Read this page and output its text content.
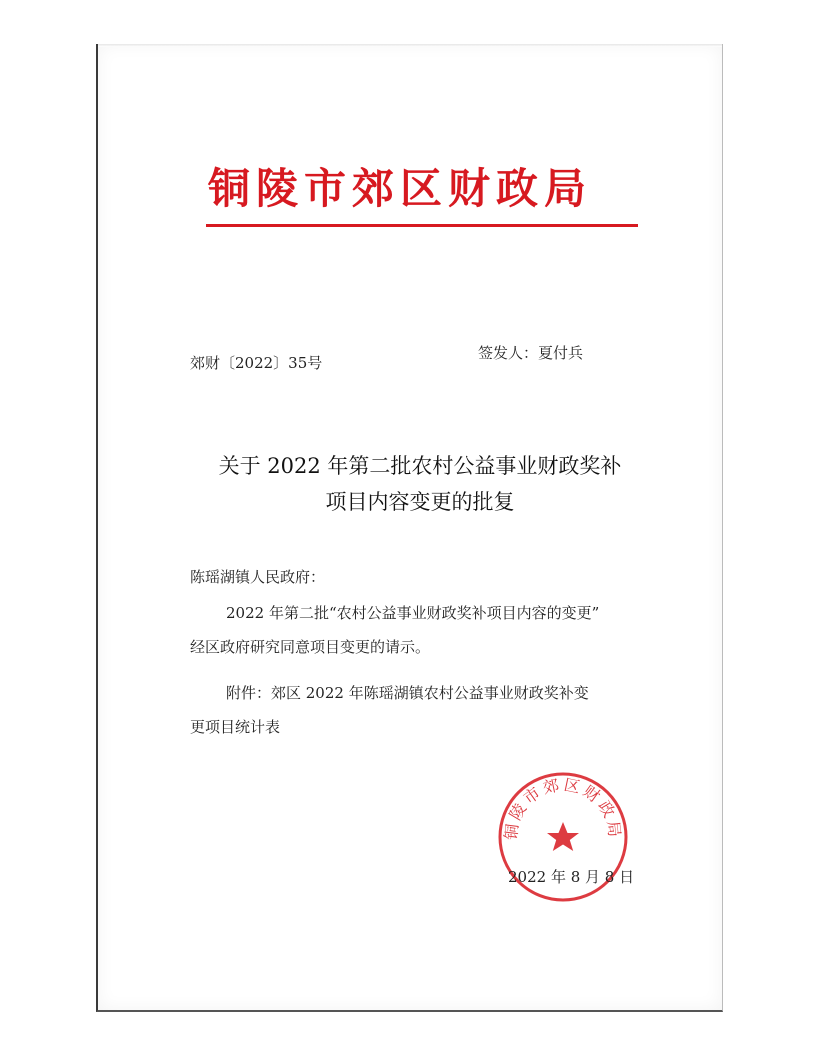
铜陵市郊区财政局
郊财〔2022〕35号
签发人：夏付兵
关于 2022 年第二批农村公益事业财政奖补
项目内容变更的批复
陈瑶湖镇人民政府：
2022 年第二批“农村公益事业财政奖补项目内容的变更”
经区政府研究同意项目变更的请示。
附件：郊区 2022 年陈瑶湖镇农村公益事业财政奖补变
更项目统计表
铜陵市郊区财政局
2022 年 8 月 8 日
